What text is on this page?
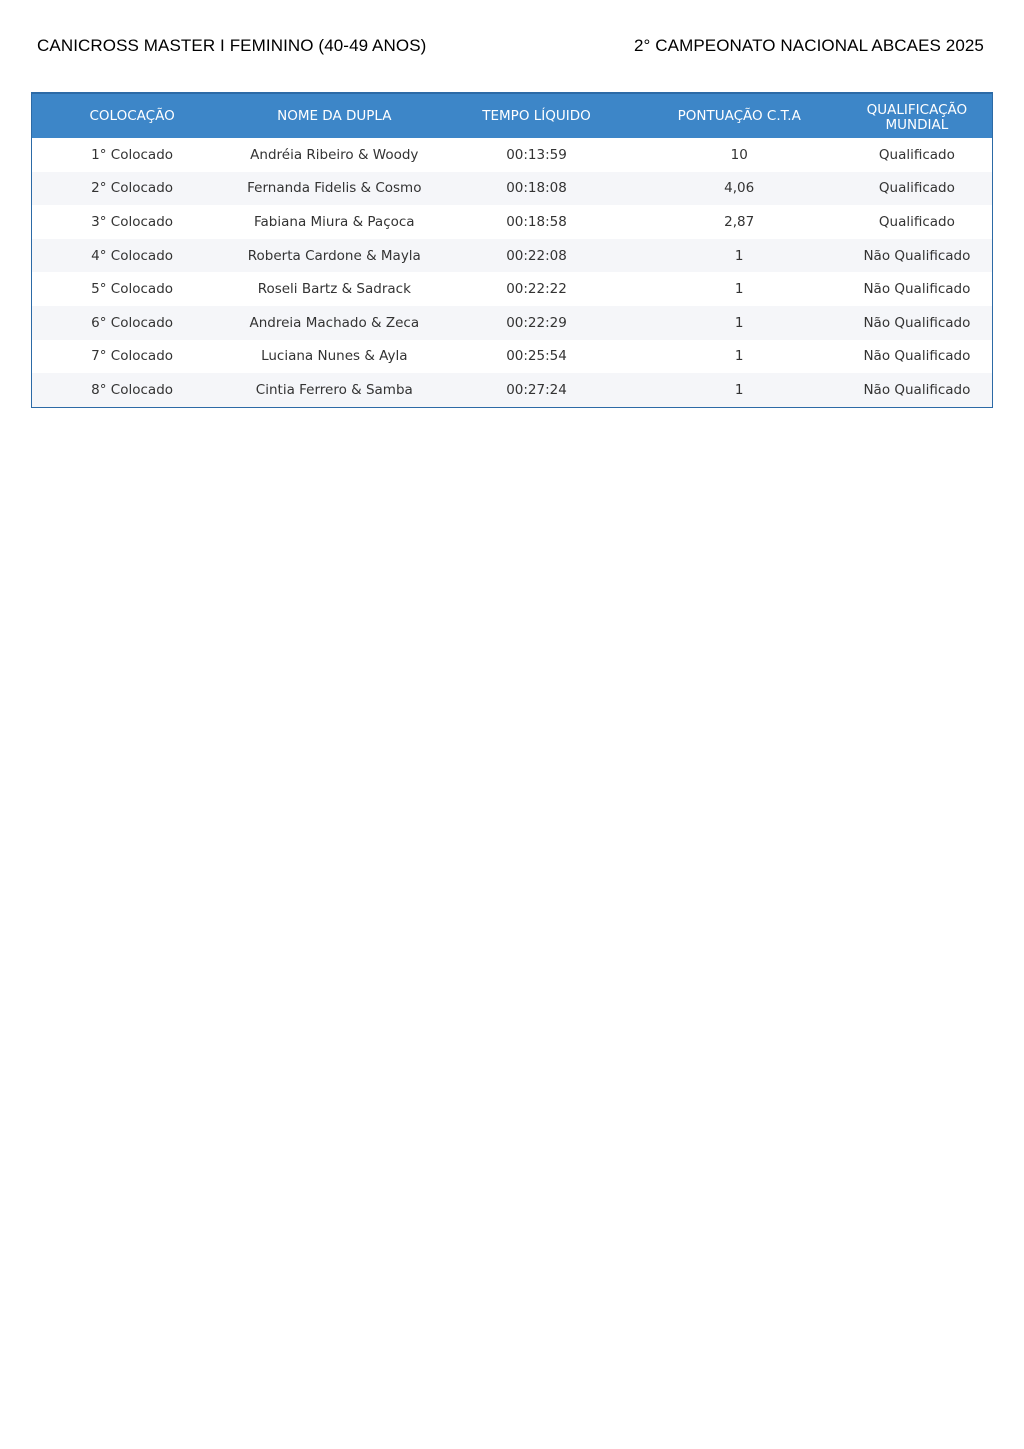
CANICROSS MASTER I FEMININO (40-49 ANOS)	2° CAMPEONATO NACIONAL ABCAES 2025
COLOCAÇÃO	NOME DA DUPLA	TEMPO LÍQUIDO	PONTUAÇÃO C.T.A	QUALIFICAÇÃO MUNDIAL
1° Colocado	Andréia Ribeiro & Woody	00:13:59	10	Qualificado
2° Colocado	Fernanda Fidelis & Cosmo	00:18:08	4,06	Qualificado
3° Colocado	Fabiana Miura & Paçoca	00:18:58	2,87	Qualificado
4° Colocado	Roberta Cardone & Mayla	00:22:08	1	Não Qualificado
5° Colocado	Roseli Bartz & Sadrack	00:22:22	1	Não Qualificado
6° Colocado	Andreia Machado & Zeca	00:22:29	1	Não Qualificado
7° Colocado	Luciana Nunes & Ayla	00:25:54	1	Não Qualificado
8° Colocado	Cintia Ferrero & Samba	00:27:24	1	Não Qualificado
